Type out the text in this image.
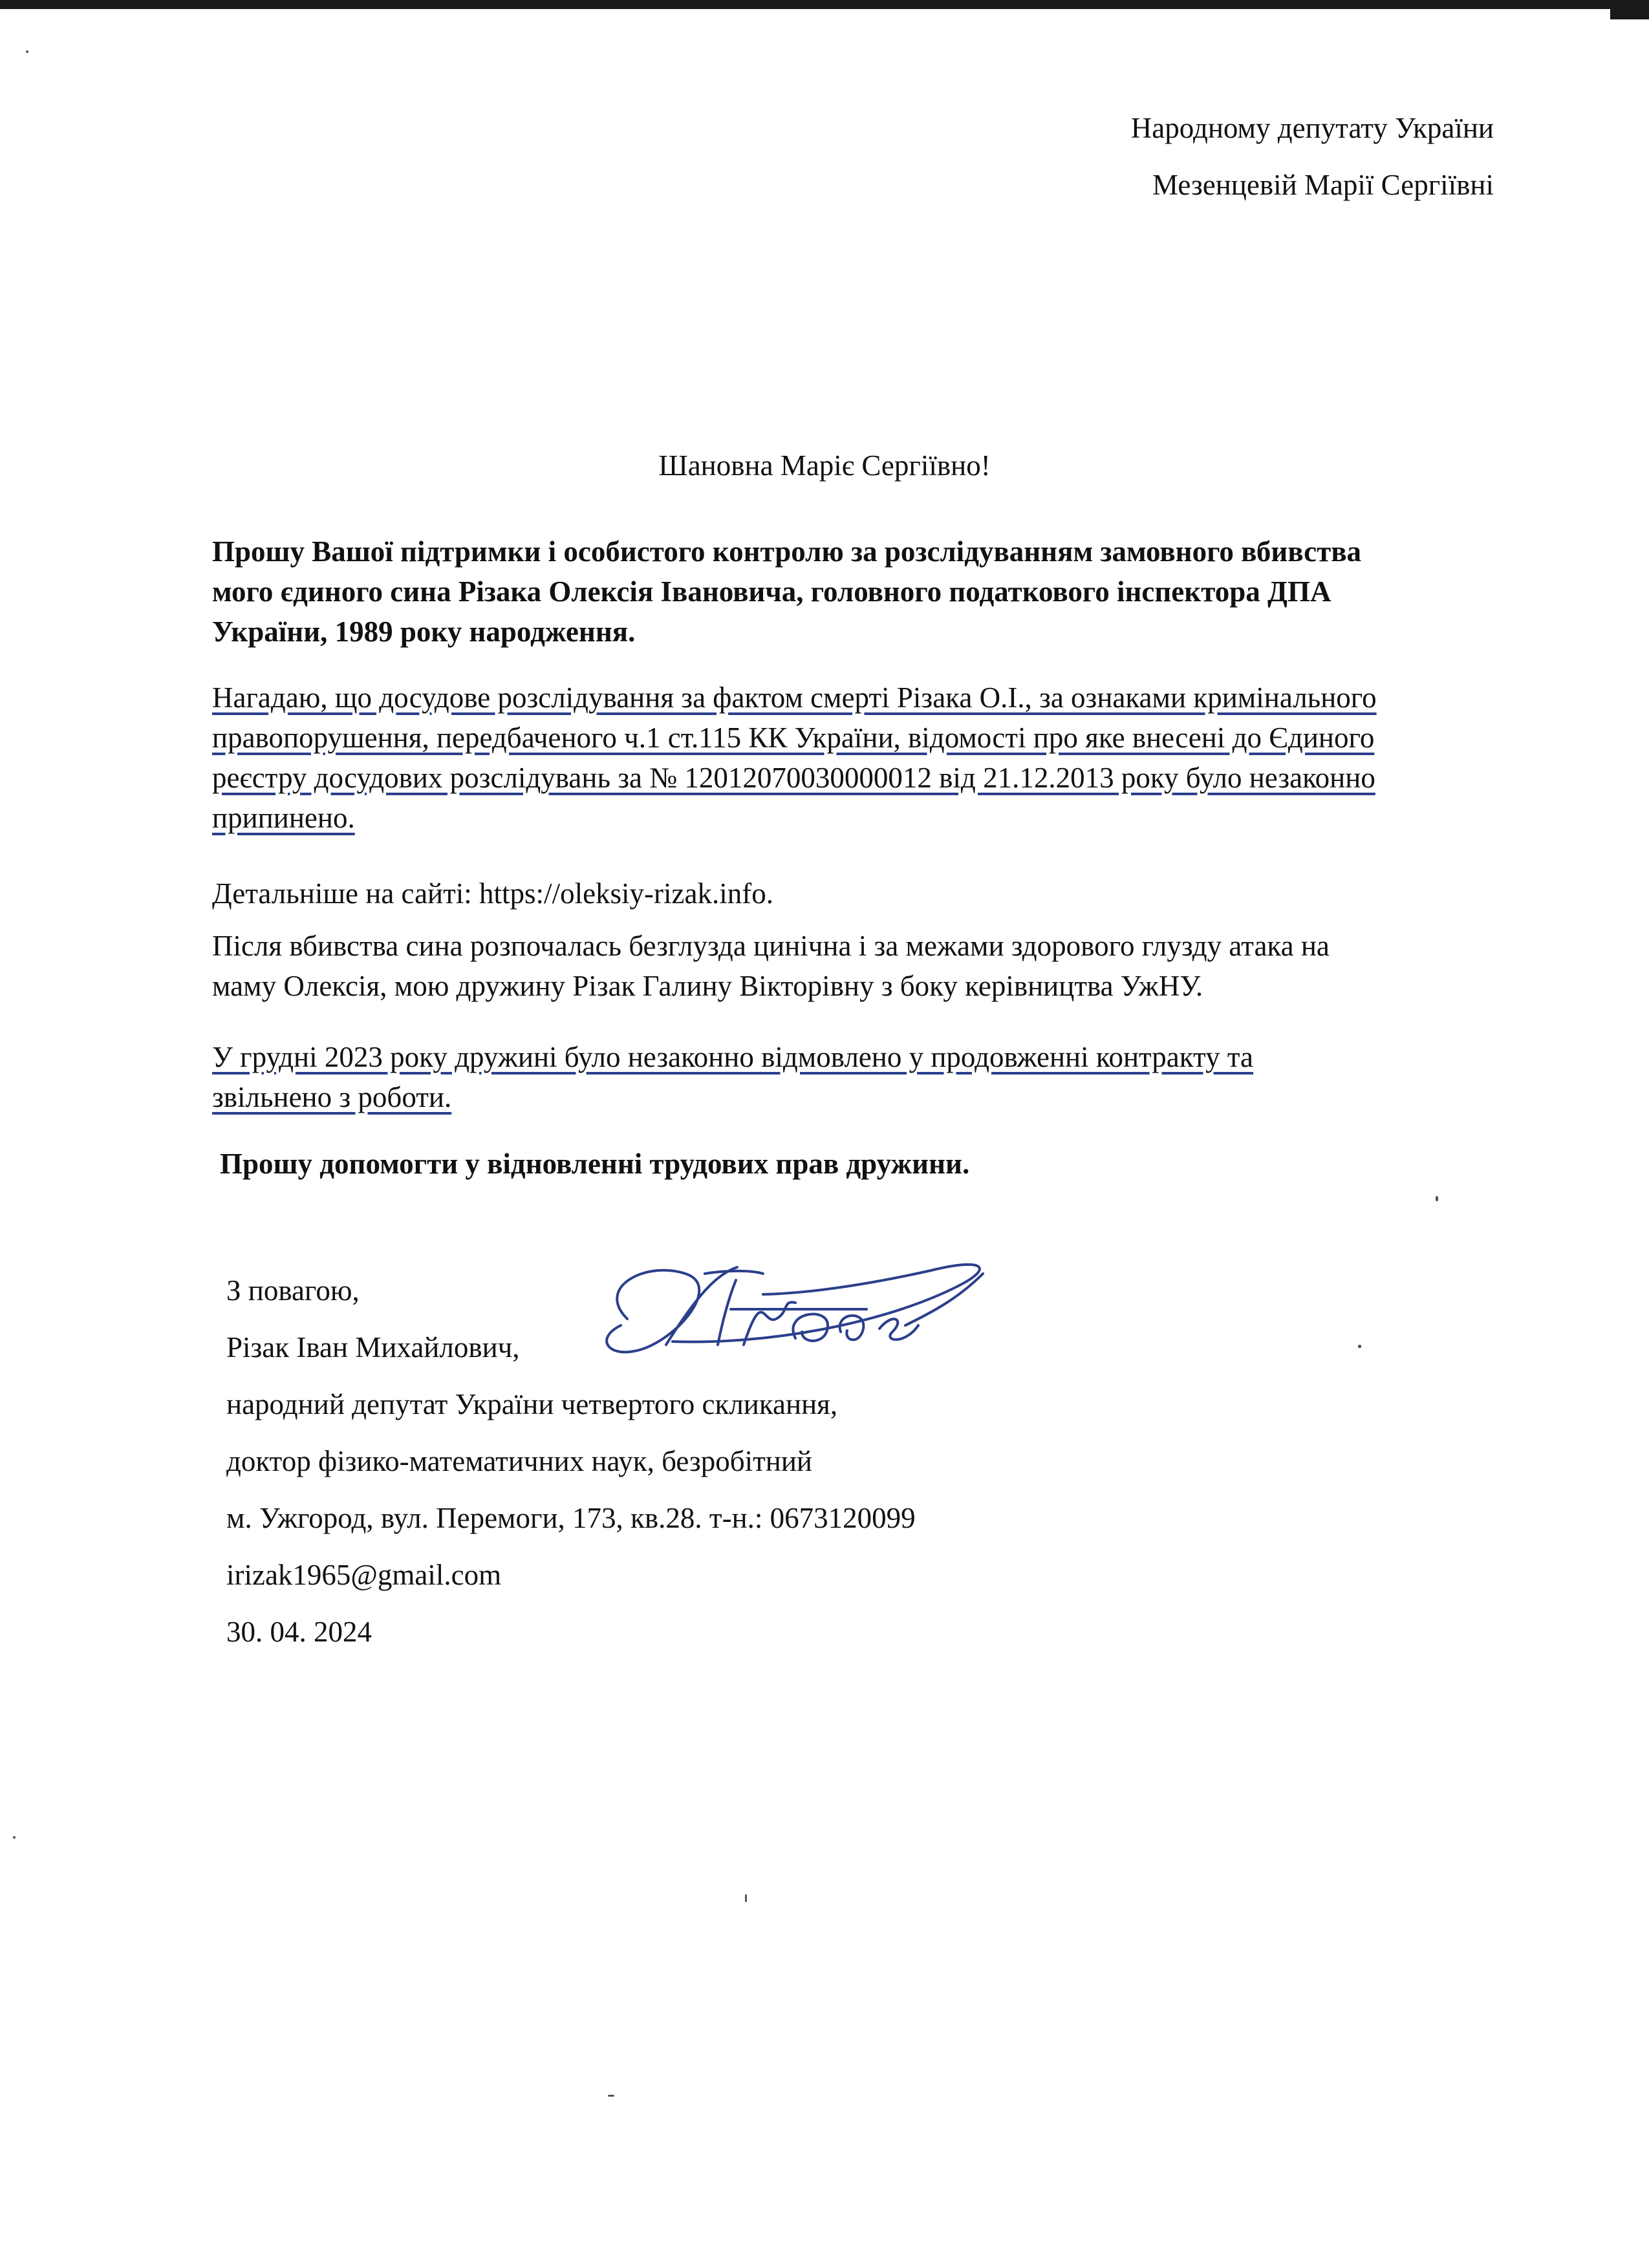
Народному депутату України
Мезенцевій Марії Сергіївні
Шановна Маріє Сергіївно!
Прошу Вашої підтримки і особистого контролю за розслідуванням замовного вбивства
мого єдиного сина Різака Олексія Івановича, головного податкового інспектора ДПА
України, 1989 року народження.
Нагадаю, що досудове розслідування за фактом смерті Різака О.І., за ознаками кримінального
правопорушення, передбаченого ч.1 ст.115 КК України, відомості про яке внесені до Єдиного
реєстру досудових розслідувань за № 12012070030000012 від 21.12.2013 року було незаконно
припинено.
Детальніше на сайті: https://oleksiy-rizak.info.
Після вбивства сина розпочалась безглузда цинічна і за межами здорового глузду атака на
маму Олексія, мою дружину Різак Галину Вікторівну з боку керівництва УжНУ.
У грудні 2023 року дружині було незаконно відмовлено у продовженні контракту та
звільнено з роботи.
Прошу допомогти у відновленні трудових прав дружини.
З повагою,
Різак Іван Михайлович,
народний депутат України четвертого скликання,
доктор фізико-математичних наук, безробітний
м. Ужгород, вул. Перемоги, 173, кв.28. т-н.: 0673120099
irizak1965@gmail.com
30. 04. 2024
